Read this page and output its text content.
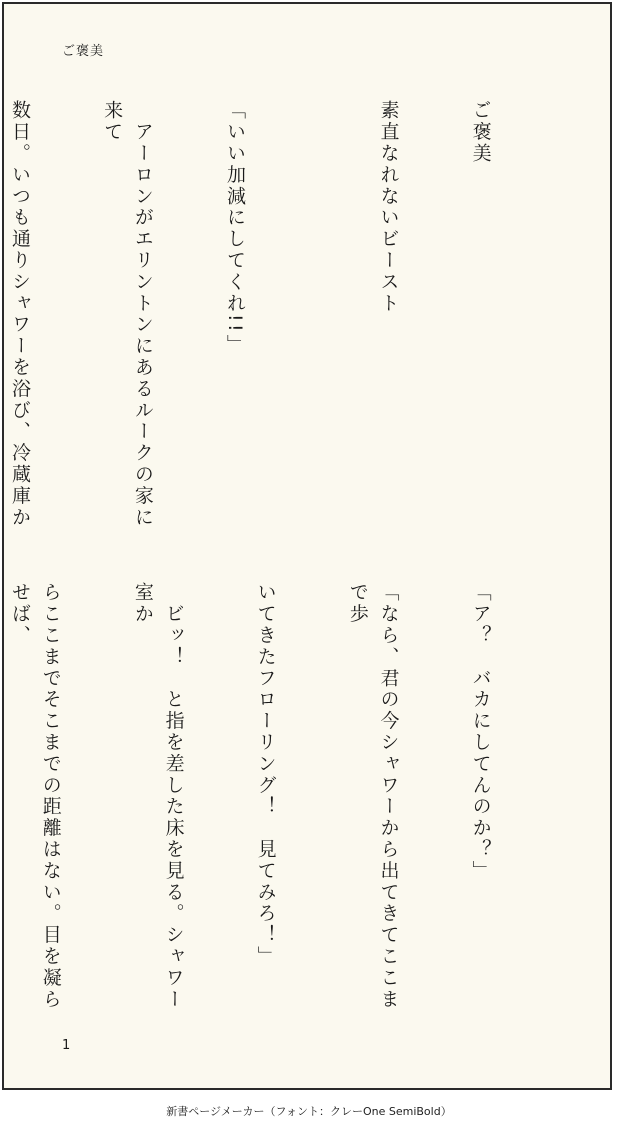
ご褒美

ご褒美

素直なれないビースト

「いい加減にしてくれ!!」

　アーロンがエリントンにあるルークの家に来て

数日。いつも通りシャワーを浴び、冷蔵庫か

「ア？　バカにしてんのか？」

「なら、君の今シャワーから出てきてここまで歩

いてきたフローリング！　見てみろ！」

　ビッ！　と指を差した床を見る。シャワー室か

らここまでそこまでの距離はない。目を凝らせば、

1
新書ページメーカー（フォント：クレーOne SemiBold）
